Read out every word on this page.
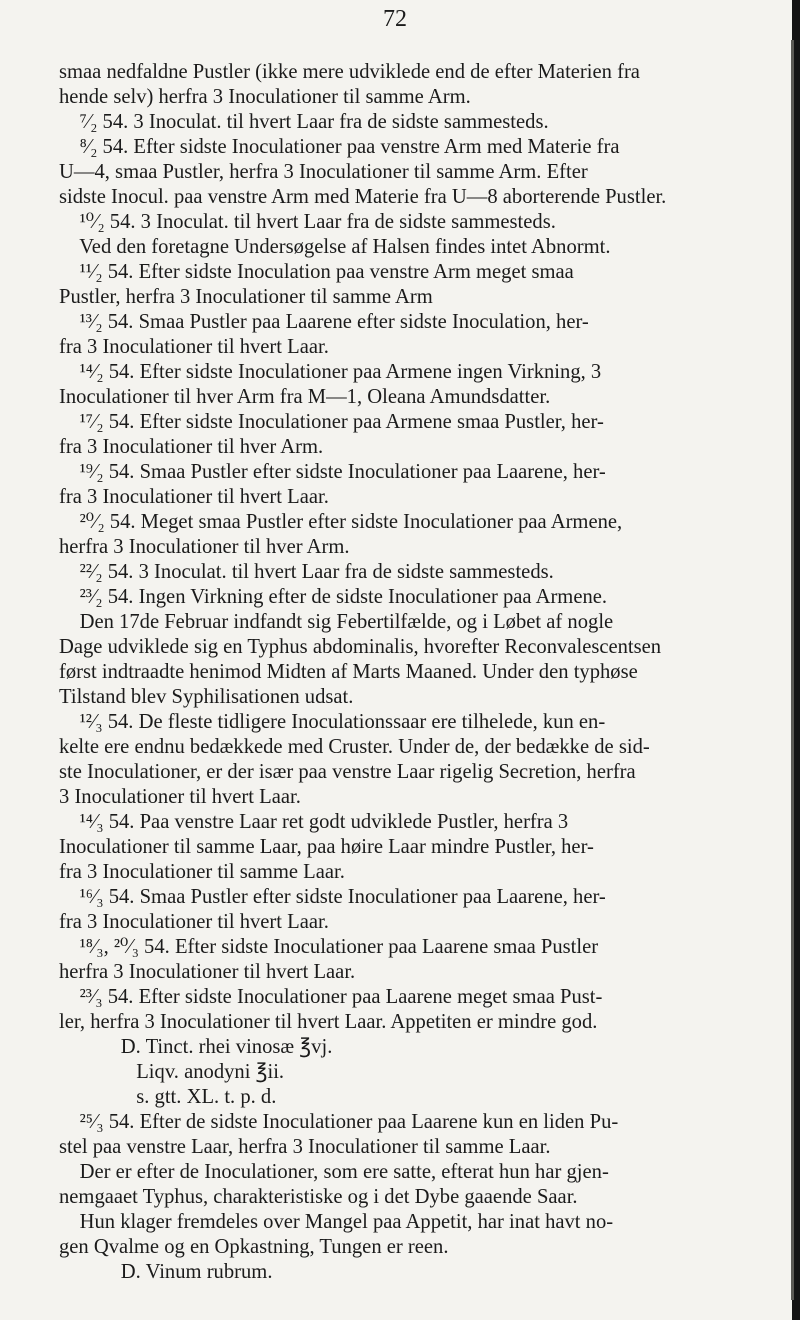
72
smaa nedfaldne Pustler (ikke mere udviklede end de efter Materien fra
hende selv) herfra 3 Inoculationer til samme Arm.
⁷⁄₂ 54. 3 Inoculat. til hvert Laar fra de sidste sammesteds.
⁸⁄₂ 54. Efter sidste Inoculationer paa venstre Arm med Materie fra
U—4, smaa Pustler, herfra 3 Inoculationer til samme Arm. Efter
sidste Inocul. paa venstre Arm med Materie fra U—8 aborterende Pustler.
¹⁰⁄₂ 54. 3 Inoculat. til hvert Laar fra de sidste sammesteds.
Ved den foretagne Undersøgelse af Halsen findes intet Abnormt.
¹¹⁄₂ 54. Efter sidste Inoculation paa venstre Arm meget smaa
Pustler, herfra 3 Inoculationer til samme Arm
¹³⁄₂ 54. Smaa Pustler paa Laarene efter sidste Inoculation, her-
fra 3 Inoculationer til hvert Laar.
¹⁴⁄₂ 54. Efter sidste Inoculationer paa Armene ingen Virkning, 3
Inoculationer til hver Arm fra M—1, Oleana Amundsdatter.
¹⁷⁄₂ 54. Efter sidste Inoculationer paa Armene smaa Pustler, her-
fra 3 Inoculationer til hver Arm.
¹⁹⁄₂ 54. Smaa Pustler efter sidste Inoculationer paa Laarene, her-
fra 3 Inoculationer til hvert Laar.
²⁰⁄₂ 54. Meget smaa Pustler efter sidste Inoculationer paa Armene,
herfra 3 Inoculationer til hver Arm.
²²⁄₂ 54. 3 Inoculat. til hvert Laar fra de sidste sammesteds.
²³⁄₂ 54. Ingen Virkning efter de sidste Inoculationer paa Armene.
Den 17de Februar indfandt sig Febertilfælde, og i Løbet af nogle
Dage udviklede sig en Typhus abdominalis, hvorefter Reconvalescentsen
først indtraadte henimod Midten af Marts Maaned. Under den typhøse
Tilstand blev Syphilisationen udsat.
¹²⁄₃ 54. De fleste tidligere Inoculationssaar ere tilhelede, kun en-
kelte ere endnu bedækkede med Cruster. Under de, der bedække de sid-
ste Inoculationer, er der især paa venstre Laar rigelig Secretion, herfra
3 Inoculationer til hvert Laar.
¹⁴⁄₃ 54. Paa venstre Laar ret godt udviklede Pustler, herfra 3
Inoculationer til samme Laar, paa høire Laar mindre Pustler, her-
fra 3 Inoculationer til samme Laar.
¹⁶⁄₃ 54. Smaa Pustler efter sidste Inoculationer paa Laarene, her-
fra 3 Inoculationer til hvert Laar.
¹⁸⁄₃, ²⁰⁄₃ 54. Efter sidste Inoculationer paa Laarene smaa Pustler
herfra 3 Inoculationer til hvert Laar.
²³⁄₃ 54. Efter sidste Inoculationer paa Laarene meget smaa Pust-
ler, herfra 3 Inoculationer til hvert Laar. Appetiten er mindre god.
D. Tinct. rhei vinosæ ℥vj.
Liqv. anodyni ℥ii.
s. gtt. XL. t. p. d.
²⁵⁄₃ 54. Efter de sidste Inoculationer paa Laarene kun en liden Pu-
stel paa venstre Laar, herfra 3 Inoculationer til samme Laar.
Der er efter de Inoculationer, som ere satte, efterat hun har gjen-
nemgaaet Typhus, charakteristiske og i det Dybe gaaende Saar.
Hun klager fremdeles over Mangel paa Appetit, har inat havt no-
gen Qvalme og en Opkastning, Tungen er reen.
D. Vinum rubrum.
